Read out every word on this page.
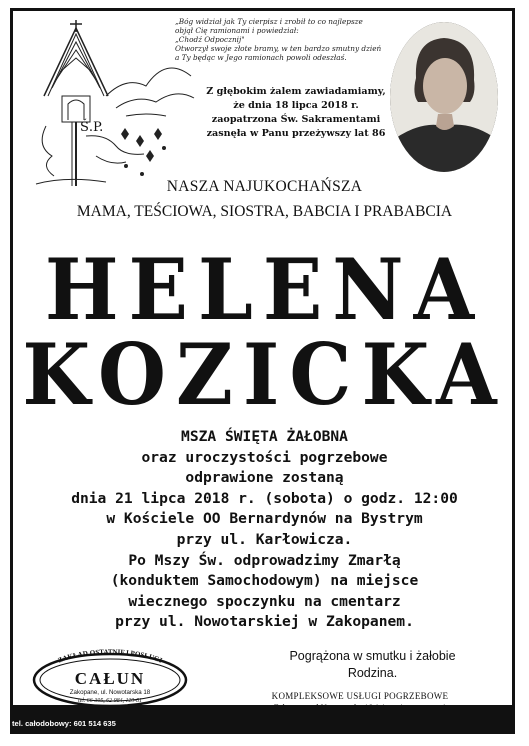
Ś.P.
„Bóg widział jak Ty cierpisz i zrobił to co najlepsze
objął Cię ramionami i powiedział:
„Chodź Odpocznij"
Otworzył swoje złote bramy, w ten bardzo smutny dzień
a Ty będąc w Jego ramionach powoli odeszłaś.
Z głębokim żalem zawiadamiamy,
że dnia 18 lipca 2018 r.
zaopatrzona Św. Sakramentami
zasnęła w Panu przeżywszy lat 86
NASZA NAJUKOCHAŃSZA
MAMA, TEŚCIOWA, SIOSTRA, BABCIA I PRABABCIA
HELENA
KOZICKA
MSZA ŚWIĘTA ŻAŁOBNA
oraz uroczystości pogrzebowe
odprawione zostaną
dnia 21 lipca 2018 r. (sobota) o godz. 12:00
w Kościele OO Bernardynów na Bystrym
przy ul. Karłowicza.
Po Mszy Św. odprowadzimy Zmarłą
(konduktem Samochodowym) na miejsce
wiecznego spoczynku na cmentarz
przy ul. Nowotarskiej w Zakopanem.
ZAKŁAD OSTATNIEJ POSŁUGI
CAŁUN
Zakopane, ul. Nowotarska 18
tel. 66-305, 62-984, 120-81
Pogrążona w smutku i żałobie
Rodzina.
KOMPLEKSOWE USŁUGI POGRZEBOWE
tel. całodobowy: 601 514 635
